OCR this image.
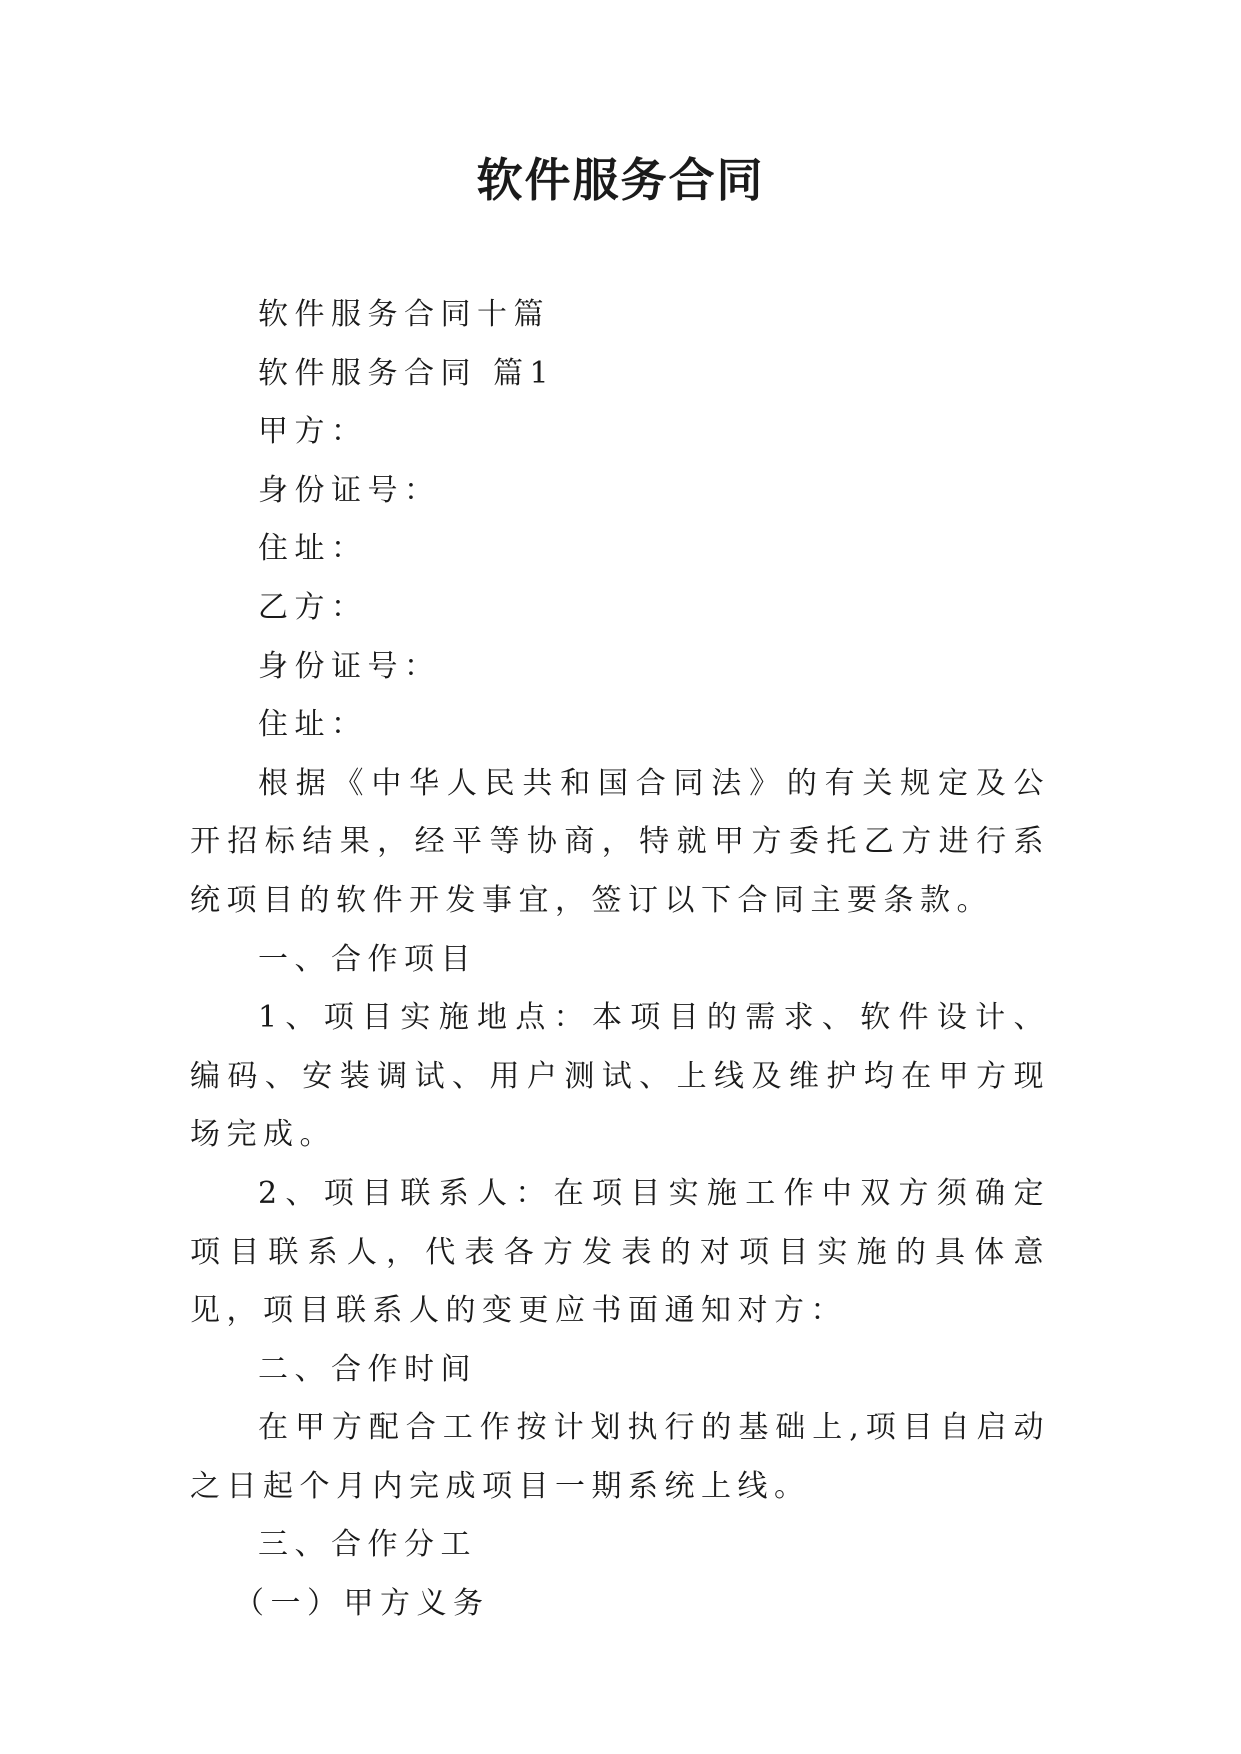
软件服务合同

软件服务合同十篇

软件服务合同 篇1

甲方：

身份证号：

住址：

乙方：

身份证号：

住址：

根据《中华人民共和国合同法》的有关规定及公开招标结果，经平等协商，特就甲方委托乙方进行系统项目的软件开发事宜，签订以下合同主要条款。

一、合作项目

1、项目实施地点：本项目的需求、软件设计、编码、安装调试、用户测试、上线及维护均在甲方现场完成。

2、项目联系人：在项目实施工作中双方须确定项目联系人，代表各方发表的对项目实施的具体意见，项目联系人的变更应书面通知对方：

二、合作时间

在甲方配合工作按计划执行的基础上,项目自启动之日起个月内完成项目一期系统上线。

三、合作分工

（一）甲方义务
